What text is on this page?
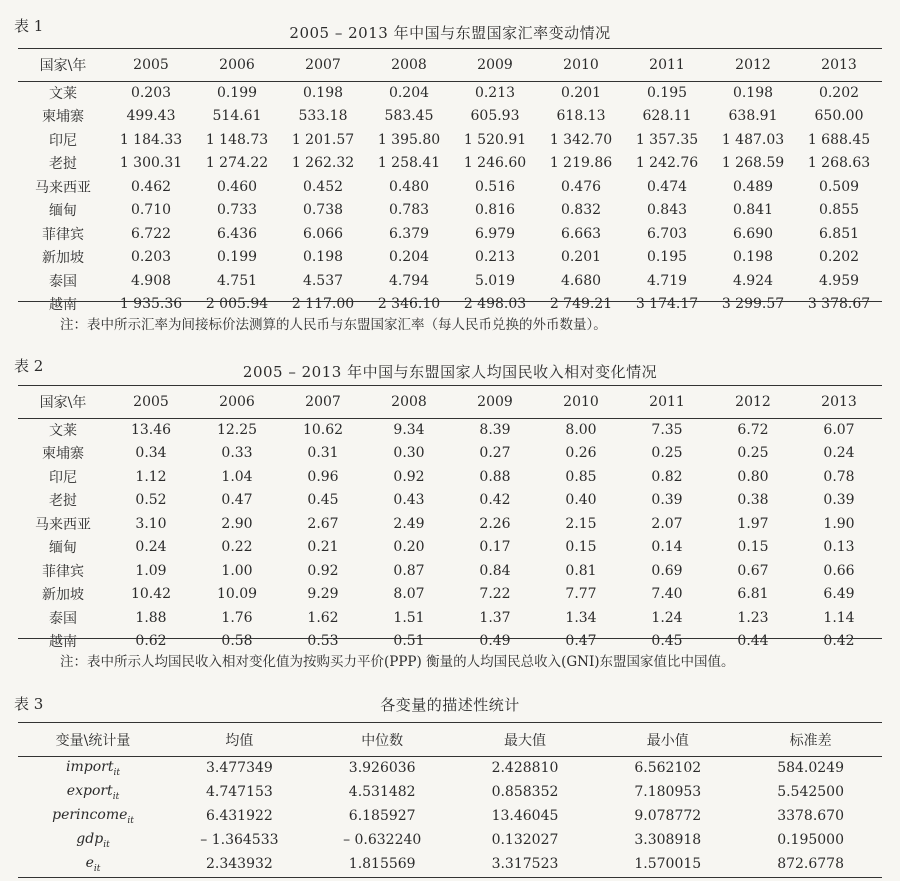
表 1	2005 – 2013 年中国与东盟国家汇率变动情况
国家\年	2005	2006	2007	2008	2009	2010	2011	2012	2013
文莱	0.203	0.199	0.198	0.204	0.213	0.201	0.195	0.198	0.202
柬埔寨	499.43	514.61	533.18	583.45	605.93	618.13	628.11	638.91	650.00
印尼	1 184.33	1 148.73	1 201.57	1 395.80	1 520.91	1 342.70	1 357.35	1 487.03	1 688.45
老挝	1 300.31	1 274.22	1 262.32	1 258.41	1 246.60	1 219.86	1 242.76	1 268.59	1 268.63
马来西亚	0.462	0.460	0.452	0.480	0.516	0.476	0.474	0.489	0.509
缅甸	0.710	0.733	0.738	0.783	0.816	0.832	0.843	0.841	0.855
菲律宾	6.722	6.436	6.066	6.379	6.979	6.663	6.703	6.690	6.851
新加坡	0.203	0.199	0.198	0.204	0.213	0.201	0.195	0.198	0.202
泰国	4.908	4.751	4.537	4.794	5.019	4.680	4.719	4.924	4.959
越南	1 935.36	2 005.94	2 117.00	2 346.10	2 498.03	2 749.21	3 174.17	3 299.57	3 378.67
注：表中所示汇率为间接标价法测算的人民币与东盟国家汇率（每人民币兑换的外币数量）。
表 2	2005 – 2013 年中国与东盟国家人均国民收入相对变化情况
国家\年	2005	2006	2007	2008	2009	2010	2011	2012	2013
文莱	13.46	12.25	10.62	9.34	8.39	8.00	7.35	6.72	6.07
柬埔寨	0.34	0.33	0.31	0.30	0.27	0.26	0.25	0.25	0.24
印尼	1.12	1.04	0.96	0.92	0.88	0.85	0.82	0.80	0.78
老挝	0.52	0.47	0.45	0.43	0.42	0.40	0.39	0.38	0.39
马来西亚	3.10	2.90	2.67	2.49	2.26	2.15	2.07	1.97	1.90
缅甸	0.24	0.22	0.21	0.20	0.17	0.15	0.14	0.15	0.13
菲律宾	1.09	1.00	0.92	0.87	0.84	0.81	0.69	0.67	0.66
新加坡	10.42	10.09	9.29	8.07	7.22	7.77	7.40	6.81	6.49
泰国	1.88	1.76	1.62	1.51	1.37	1.34	1.24	1.23	1.14
越南	0.62	0.58	0.53	0.51	0.49	0.47	0.45	0.44	0.42
注：表中所示人均国民收入相对变化值为按购买力平价(PPP) 衡量的人均国民总收入(GNI)东盟国家值比中国值。
表 3	各变量的描述性统计
变量\统计量	均值	中位数	最大值	最小值	标准差
import$_{it}$	3.477349	3.926036	2.428810	6.562102	584.0249
export$_{it}$	4.747153	4.531482	0.858352	7.180953	5.542500
perincome$_{it}$	6.431922	6.185927	13.46045	9.078772	3378.670
gdp$_{it}$	– 1.364533	– 0.632240	0.132027	3.308918	0.195000
$e_{it}$	2.343932	1.815569	3.317523	1.570015	872.6778
